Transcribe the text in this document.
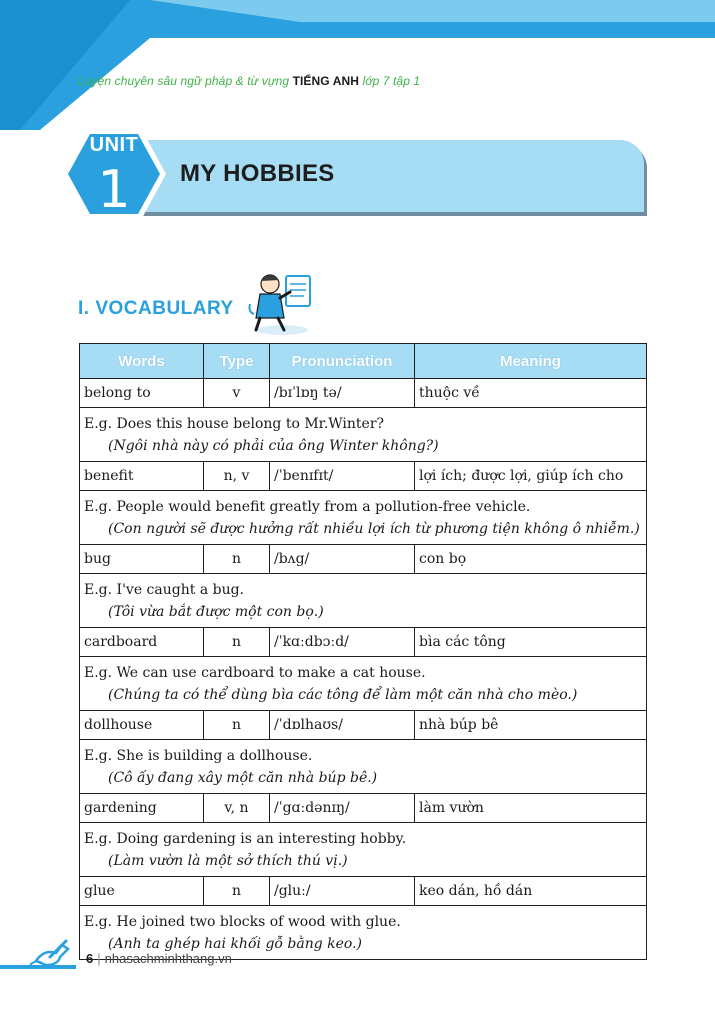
Luyện chuyên sâu ngữ pháp & từ vựng TIẾNG ANH lớp 7 tập 1
UNIT
1	MY HOBBIES
I. VOCABULARY
Words	Type	Pronunciation	Meaning
belong to	v	/bɪˈlɒŋ tə/	thuộc về

E.g. Does this house belong to Mr.Winter?
(Ngôi nhà này có phải của ông Winter không?)			

benefit	n, v	/ˈbenɪfɪt/	lợi ích; được lợi, giúp ích cho

E.g. People would benefit greatly from a pollution-free vehicle.
(Con người sẽ được hưởng rất nhiều lợi ích từ phương tiện không ô nhiễm.)			

bug	n	/bʌg/	con bọ

E.g. I've caught a bug.
(Tôi vừa bắt được một con bọ.)			

cardboard	n	/ˈkɑːdbɔːd/	bìa các tông

E.g. We can use cardboard to make a cat house.
(Chúng ta có thể dùng bìa các tông để làm một căn nhà cho mèo.)			

dollhouse	n	/ˈdɒlhaʊs/	nhà búp bê

E.g. She is building a dollhouse.
(Cô ấy đang xây một căn nhà búp bê.)			

gardening	v, n	/ˈgɑːdənɪŋ/	làm vườn

E.g. Doing gardening is an interesting hobby.
(Làm vườn là một sở thích thú vị.)			

glue	n	/gluː/	keo dán, hồ dán

E.g. He joined two blocks of wood with glue.
(Anh ta ghép hai khối gỗ bằng keo.)			
6 | nhasachminhthang.vn
